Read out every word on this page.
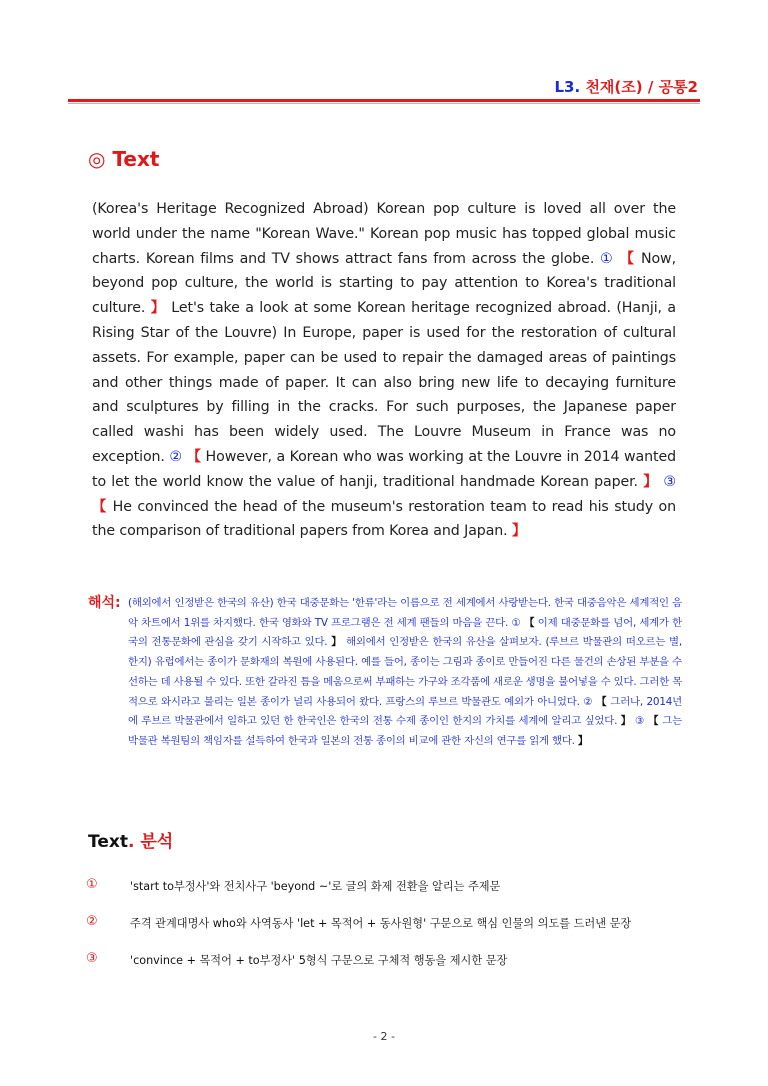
L3. 천재(조) / 공통2
◎ Text
(Korea's Heritage Recognized Abroad) Korean pop culture is loved all over the world under the name "Korean Wave." Korean pop music has topped global music charts. Korean films and TV shows attract fans from across the globe. ① 【 Now, beyond pop culture, the world is starting to pay attention to Korea's traditional culture. 】 Let's take a look at some Korean heritage recognized abroad. (Hanji, a Rising Star of the Louvre) In Europe, paper is used for the restoration of cultural assets. For example, paper can be used to repair the damaged areas of paintings and other things made of paper. It can also bring new life to decaying furniture and sculptures by filling in the cracks. For such purposes, the Japanese paper called washi has been widely used. The Louvre Museum in France was no exception. ② 【 However, a Korean who was working at the Louvre in 2014 wanted to let the world know the value of hanji, traditional handmade Korean paper. 】 ③ 【 He convinced the head of the museum's restoration team to read his study on the comparison of traditional papers from Korea and Japan. 】
해석: (해외에서 인정받은 한국의 유산) 한국 대중문화는 '한류'라는 이름으로 전 세계에서 사랑받는다. 한국 대중음악은 세계적인 음악 차트에서 1위를 차지했다. 한국 영화와 TV 프로그램은 전 세계 팬들의 마음을 끈다. ① 【 이제 대중문화를 넘어, 세계가 한국의 전통문화에 관심을 갖기 시작하고 있다. 】 해외에서 인정받은 한국의 유산을 살펴보자. (루브르 박물관의 떠오르는 별, 한지) 유럽에서는 종이가 문화재의 복원에 사용된다. 예를 들어, 종이는 그림과 종이로 만들어진 다른 물건의 손상된 부분을 수선하는 데 사용될 수 있다. 또한 갈라진 틈을 메움으로써 부패하는 가구와 조각품에 새로운 생명을 불어넣을 수 있다. 그러한 목적으로 와시라고 불리는 일본 종이가 널리 사용되어 왔다. 프랑스의 루브르 박물관도 예외가 아니었다. ② 【 그러나, 2014년에 루브르 박물관에서 일하고 있던 한 한국인은 한국의 전통 수제 종이인 한지의 가치를 세계에 알리고 싶었다. 】 ③ 【 그는 박물관 복원팀의 책임자를 설득하여 한국과 일본의 전통 종이의 비교에 관한 자신의 연구를 읽게 했다. 】
Text. 분석
①	'start to부정사'와 전치사구 'beyond ~'로 글의 화제 전환을 알리는 주제문
②	주격 관계대명사 who와 사역동사 'let + 목적어 + 동사원형' 구문으로 핵심 인물의 의도를 드러낸 문장
③	'convince + 목적어 + to부정사' 5형식 구문으로 구체적 행동을 제시한 문장
- 2 -
